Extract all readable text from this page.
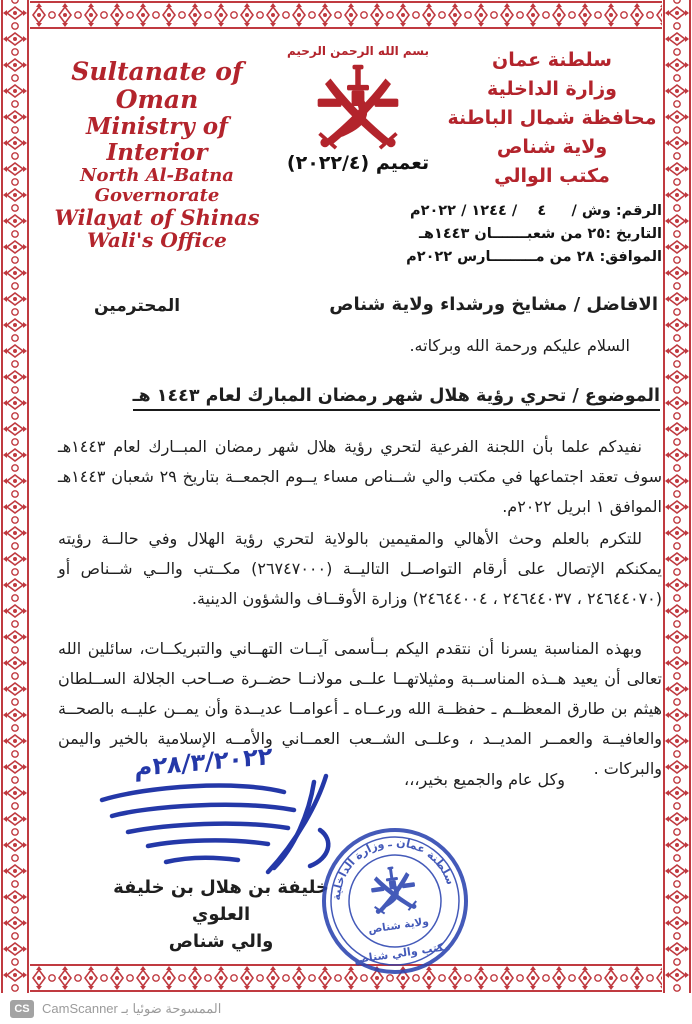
Sultanate of Oman
Ministry of Interior
North Al-Batna Governorate
Wilayat of Shinas
Wali's Office
بسم الله الرحمن الرحيم
تعميم (٢٠٢٢/٤)
سلطنة عمان
وزارة الداخلية
محافظة شمال الباطنة
ولاية شناص
مكتب الوالي
الرقم: وش /     ٤    / ١٢٤٤ / ٢٠٢٢م
التاريخ :٢٥ من شعبـــــــان ١٤٤٣هـ
الموافق: ٢٨ من مـــــــــارس ٢٠٢٢م
الافاضل / مشايخ ورشداء ولاية شناص
المحترمين
السلام عليكم ورحمة الله وبركاته.
الموضوع / تحري رؤية هلال شهر رمضان المبارك لعام ١٤٤٣ هـ
نفيدكم علما بأن اللجنة الفرعية لتحري رؤية هلال شهر رمضان المبــارك لعام ١٤٤٣هـ سوف تعقد اجتماعها في مكتب والي شــناص مساء يــوم الجمعــة بتاريخ ٢٩ شعبان ١٤٤٣هـ الموافق ١ ابريل ٢٠٢٢م.
للتكرم بالعلم وحث الأهالي والمقيمين بالولاية لتحري رؤية الهلال وفي حالــة رؤيته يمكنكم الإتصال على أرقام التواصــل التاليــة (٢٦٧٤٧٠٠٠) مكــتب والــي شــناص أو (٢٤٦٤٤٠٧٠ ، ٢٤٦٤٤٠٣٧ ، ٢٤٦٤٤٠٠٤) وزارة الأوقــاف والشؤون الدينية.
وبهذه المناسبة يسرنا أن نتقدم اليكم بــأسمى آيــات التهــاني والتبريكــات، سائلين الله تعالى أن يعيد هــذه المناســبة ومثيلاتهــا علــى مولانــا حضــرة صــاحب الجلالة الســلطان هيثم بن طارق المعظــم ـ حفظــة الله ورعــاه ـ أعوامــا عديــدة وأن يمــن عليــه بالصحــة والعافيــة والعمــر المديــد ، وعلــى الشــعب العمــاني والأمــه الإسلامية بالخير واليمن والبركات .
وكل عام والجميع بخير،،،
٢٨/٣/٢٠٢٢م
خليفة بن هلال بن خليفة العلوي
والي شناص
سلطنة عمان ـ وزارة الداخلية
ولاية شناص
مكتب والي شناص
CS الممسوحة ضوئيا بـ CamScanner
